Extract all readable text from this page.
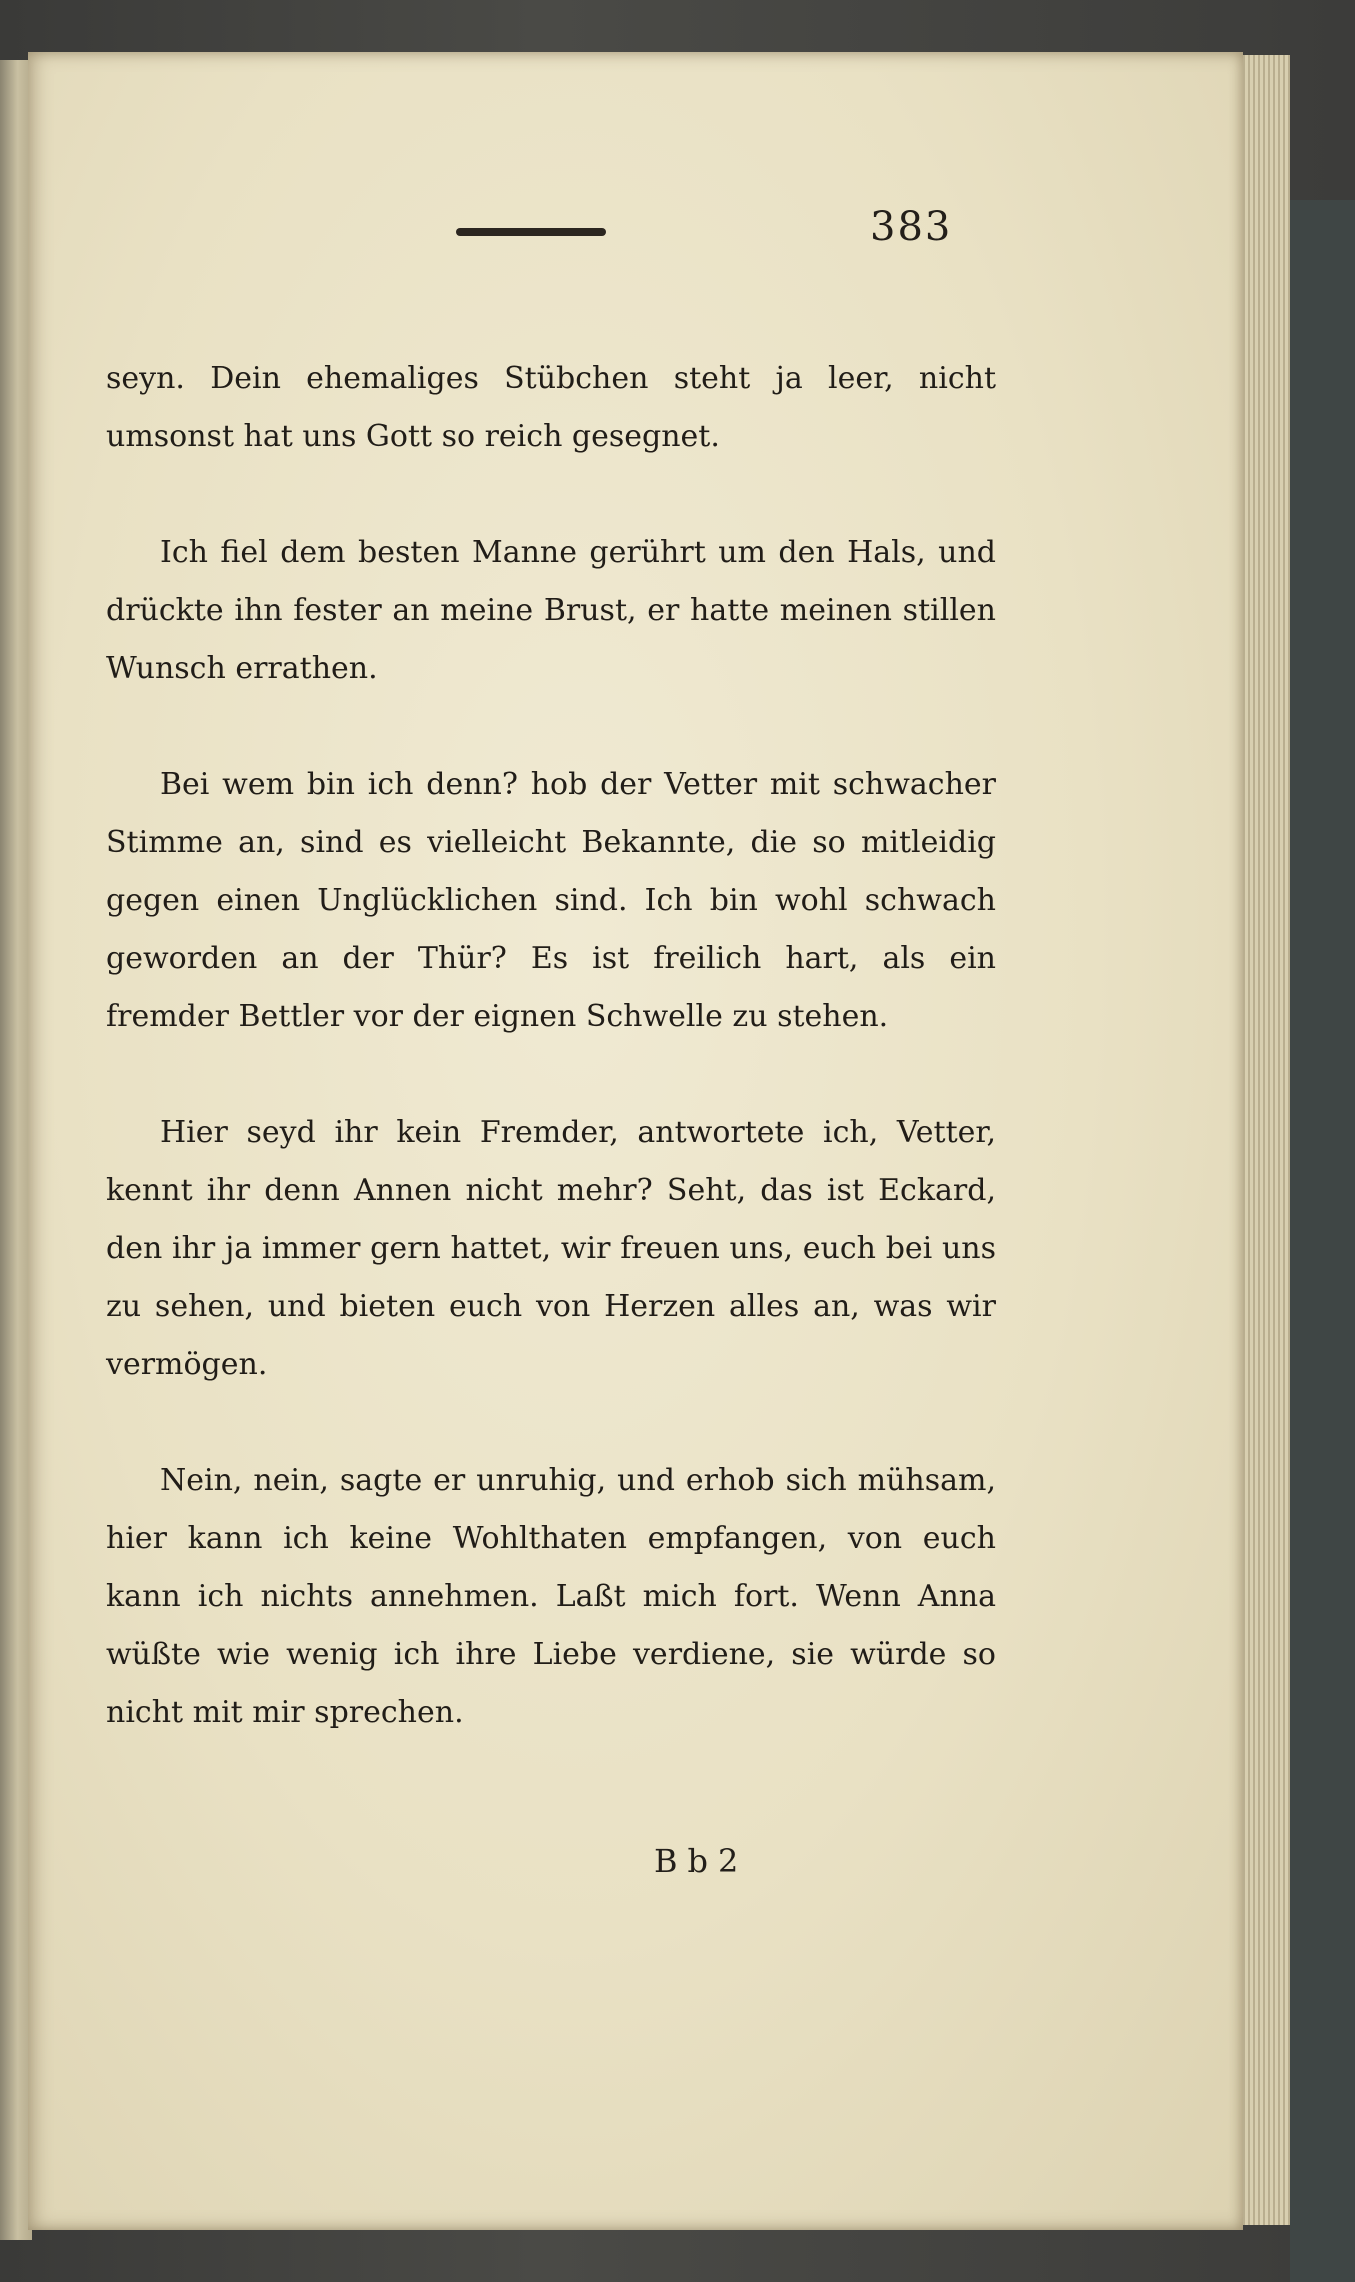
383

seyn. Dein ehemaliges Stübchen steht ja leer, nicht umsonst hat uns Gott so reich gesegnet.

Ich fiel dem besten Manne gerührt um den Hals, und drückte ihn fester an meine Brust, er hatte meinen stillen Wunsch errathen.

Bei wem bin ich denn? hob der Vetter mit schwacher Stimme an, sind es vielleicht Bekannte, die so mitleidig gegen einen Unglücklichen sind. Ich bin wohl schwach geworden an der Thür? Es ist freilich hart, als ein fremder Bettler vor der eignen Schwelle zu stehen.

Hier seyd ihr kein Fremder, antwortete ich, Vetter, kennt ihr denn Annen nicht mehr? Seht, das ist Eckard, den ihr ja immer gern hattet, wir freuen uns, euch bei uns zu sehen, und bieten euch von Herzen alles an, was wir vermögen.

Nein, nein, sagte er unruhig, und erhob sich mühsam, hier kann ich keine Wohlthaten empfangen, von euch kann ich nichts annehmen. Laßt mich fort. Wenn Anna wüßte wie wenig ich ihre Liebe verdiene, sie würde so nicht mit mir sprechen.

Bb2
